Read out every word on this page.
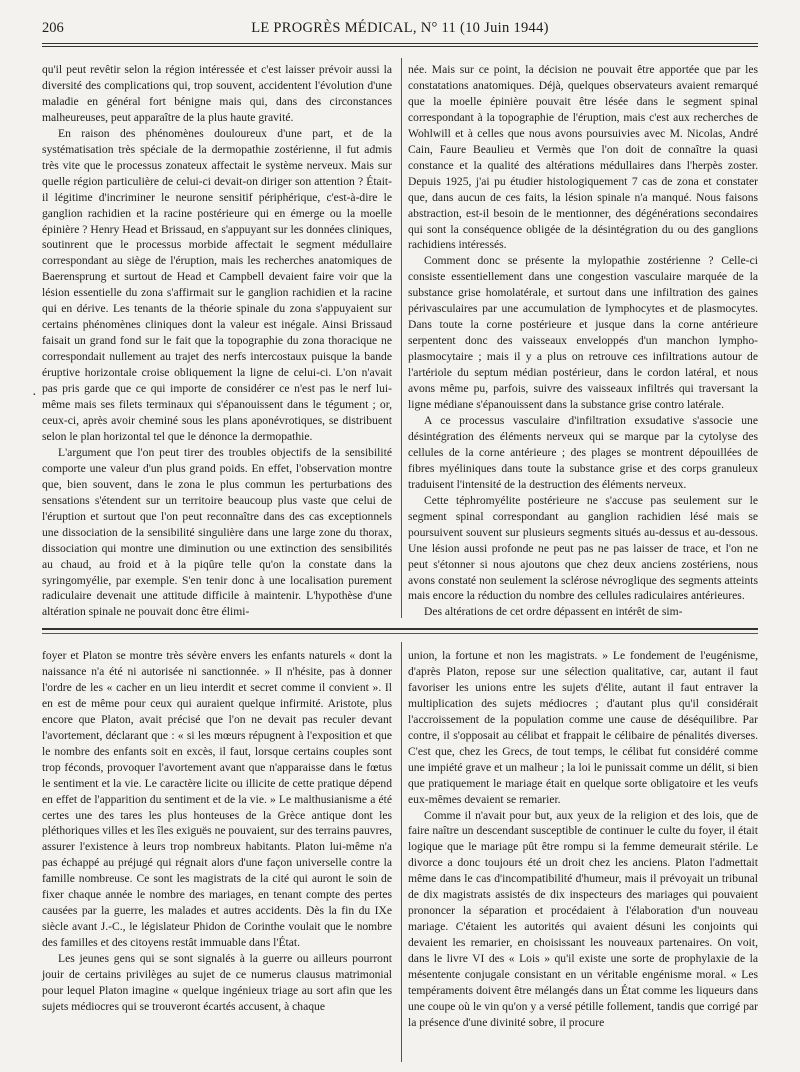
206	LE PROGRÈS MÉDICAL, N° 11 (10 Juin 1944)

qu'il peut revêtir selon la région intéressée et c'est laisser prévoir aussi la diversité des complications qui, trop souvent, accidentent l'évolution d'une maladie en général fort bénigne mais qui, dans des circonstances malheureuses, peut apparaître de la plus haute gravité.

En raison des phénomènes douloureux d'une part, et de la systématisation très spéciale de la dermopathie zostérienne, il fut admis très vite que le processus zonateux affectait le système nerveux. Mais sur quelle région particulière de celui-ci devait-on diriger son attention ? Était-il légitime d'incriminer le neurone sensitif périphérique, c'est-à-dire le ganglion rachidien et la racine postérieure qui en émerge ou la moelle épinière ? Henry Head et Brissaud, en s'appuyant sur les données cliniques, soutinrent que le processus morbide affectait le segment médullaire correspondant au siège de l'éruption, mais les recherches anatomiques de Baerensprung et surtout de Head et Campbell devaient faire voir que la lésion essentielle du zona s'affirmait sur le ganglion rachidien et la racine qui en dérive. Les tenants de la théorie spinale du zona s'appuyaient sur certains phénomènes cliniques dont la valeur est inégale. Ainsi Brissaud faisait un grand fond sur le fait que la topographie du zona thoracique ne correspondait nullement au trajet des nerfs intercostaux puisque la bande éruptive horizontale croise obliquement la ligne de celui-ci. L'on n'avait pas pris garde que ce qui importe de considérer ce n'est pas le nerf lui-même mais ses filets terminaux qui s'épanouissent dans le tégument ; or, ceux-ci, après avoir cheminé sous les plans aponévrotiques, se distribuent selon le plan horizontal tel que le dénonce la dermopathie.

L'argument que l'on peut tirer des troubles objectifs de la sensibilité comporte une valeur d'un plus grand poids. En effet, l'observation montre que, bien souvent, dans le zona le plus commun les perturbations des sensations s'étendent sur un territoire beaucoup plus vaste que celui de l'éruption et surtout que l'on peut reconnaître dans des cas exceptionnels une dissociation de la sensibilité singulière dans une large zone du thorax, dissociation qui montre une diminution ou une extinction des sensibilités au chaud, au froid et à la piqûre telle qu'on la constate dans la syringomyélie, par exemple. S'en tenir donc à une localisation purement radiculaire devenait une attitude difficile à maintenir. L'hypothèse d'une altération spinale ne pouvait donc être élimi-

née. Mais sur ce point, la décision ne pouvait être apportée que par les constatations anatomiques. Déjà, quelques observateurs avaient remarqué que la moelle épinière pouvait être lésée dans le segment spinal correspondant à la topographie de l'éruption, mais c'est aux recherches de Wohlwill et à celles que nous avons poursuivies avec M. Nicolas, André Cain, Faure Beaulieu et Vermès que l'on doit de connaître la quasi constance et la qualité des altérations médullaires dans l'herpès zoster. Depuis 1925, j'ai pu étudier histologiquement 7 cas de zona et constater que, dans aucun de ces faits, la lésion spinale n'a manqué. Nous faisons abstraction, est-il besoin de le mentionner, des dégénérations secondaires qui sont la conséquence obligée de la désintégration du ou des ganglions rachidiens intéressés.

Comment donc se présente la mylopathie zostérienne ? Celle-ci consiste essentiellement dans une congestion vasculaire marquée de la substance grise homolatérale, et surtout dans une infiltration des gaines périvasculaires par une accumulation de lymphocytes et de plasmocytes. Dans toute la corne postérieure et jusque dans la corne antérieure serpentent donc des vaisseaux enveloppés d'un manchon lympho-plasmocytaire ; mais il y a plus on retrouve ces infiltrations autour de l'artériole du septum médian postérieur, dans le cordon latéral, et nous avons même pu, parfois, suivre des vaisseaux infiltrés qui traversant la ligne médiane s'épanouissent dans la substance grise contro latérale.

A ce processus vasculaire d'infiltration exsudative s'associe une désintégration des éléments nerveux qui se marque par la cytolyse des cellules de la corne antérieure ; des plages se montrent dépouillées de fibres myéliniques dans toute la substance grise et des corps granuleux traduisent l'intensité de la destruction des éléments nerveux.

Cette téphromyélite postérieure ne s'accuse pas seulement sur le segment spinal correspondant au ganglion rachidien lésé mais se poursuivent souvent sur plusieurs segments situés au-dessus et au-dessous. Une lésion aussi profonde ne peut pas ne pas laisser de trace, et l'on ne peut s'étonner si nous ajoutons que chez deux anciens zostériens, nous avons constaté non seulement la sclérose névroglique des segments atteints mais encore la réduction du nombre des cellules radiculaires antérieures.

Des altérations de cet ordre dépassent en intérêt de sim-

·

foyer et Platon se montre très sévère envers les enfants naturels « dont la naissance n'a été ni autorisée ni sanctionnée. » Il n'hésite, pas à donner l'ordre de les « cacher en un lieu interdit et secret comme il convient ». Il en est de même pour ceux qui auraient quelque infirmité. Aristote, plus encore que Platon, avait précisé que l'on ne devait pas reculer devant l'avortement, déclarant que : « si les mœurs répugnent à l'exposition et que le nombre des enfants soit en excès, il faut, lorsque certains couples sont trop féconds, provoquer l'avortement avant que n'apparaisse dans le fœtus le sentiment et la vie. Le caractère licite ou illicite de cette pratique dépend en effet de l'apparition du sentiment et de la vie. » Le malthusianisme a été certes une des tares les plus honteuses de la Grèce antique dont les pléthoriques villes et les îles exiguës ne pouvaient, sur des terrains pauvres, assurer l'existence à leurs trop nombreux habitants. Platon lui-même n'a pas échappé au préjugé qui régnait alors d'une façon universelle contre la famille nombreuse. Ce sont les magistrats de la cité qui auront le soin de fixer chaque année le nombre des mariages, en tenant compte des pertes causées par la guerre, les malades et autres accidents. Dès la fin du IXe siècle avant J.-C., le législateur Phidon de Corinthe voulait que le nombre des familles et des citoyens restât immuable dans l'État.

Les jeunes gens qui se sont signalés à la guerre ou ailleurs pourront jouir de certains privilèges au sujet de ce numerus clausus matrimonial pour lequel Platon imagine « quelque ingénieux triage au sort afin que les sujets médiocres qui se trouveront écartés accusent, à chaque

union, la fortune et non les magistrats. » Le fondement de l'eugénisme, d'après Platon, repose sur une sélection qualitative, car, autant il faut favoriser les unions entre les sujets d'élite, autant il faut entraver la multiplication des sujets médiocres ; d'autant plus qu'il considérait l'accroissement de la population comme une cause de déséquilibre. Par contre, il s'opposait au célibat et frappait le célibaire de pénalités diverses. C'est que, chez les Grecs, de tout temps, le célibat fut considéré comme une impiété grave et un malheur ; la loi le punissait comme un délit, si bien que pratiquement le mariage était en quelque sorte obligatoire et les veufs eux-mêmes devaient se remarier.

Comme il n'avait pour but, aux yeux de la religion et des lois, que de faire naître un descendant susceptible de continuer le culte du foyer, il était logique que le mariage pût être rompu si la femme demeurait stérile. Le divorce a donc toujours été un droit chez les anciens. Platon l'admettait même dans le cas d'incompatibilité d'humeur, mais il prévoyait un tribunal de dix magistrats assistés de dix inspecteurs des mariages qui pouvaient prononcer la séparation et procédaient à l'élaboration d'un nouveau mariage. C'étaient les autorités qui avaient désuni les conjoints qui devaient les remarier, en choisissant les nouveaux partenaires. On voit, dans le livre VI des « Lois » qu'il existe une sorte de prophylaxie de la mésentente conjugale consistant en un véritable engénisme moral. « Les tempéraments doivent être mélangés dans un État comme les liqueurs dans une coupe où le vin qu'on y a versé pétille follement, tandis que corrigé par la présence d'une divinité sobre, il procure
